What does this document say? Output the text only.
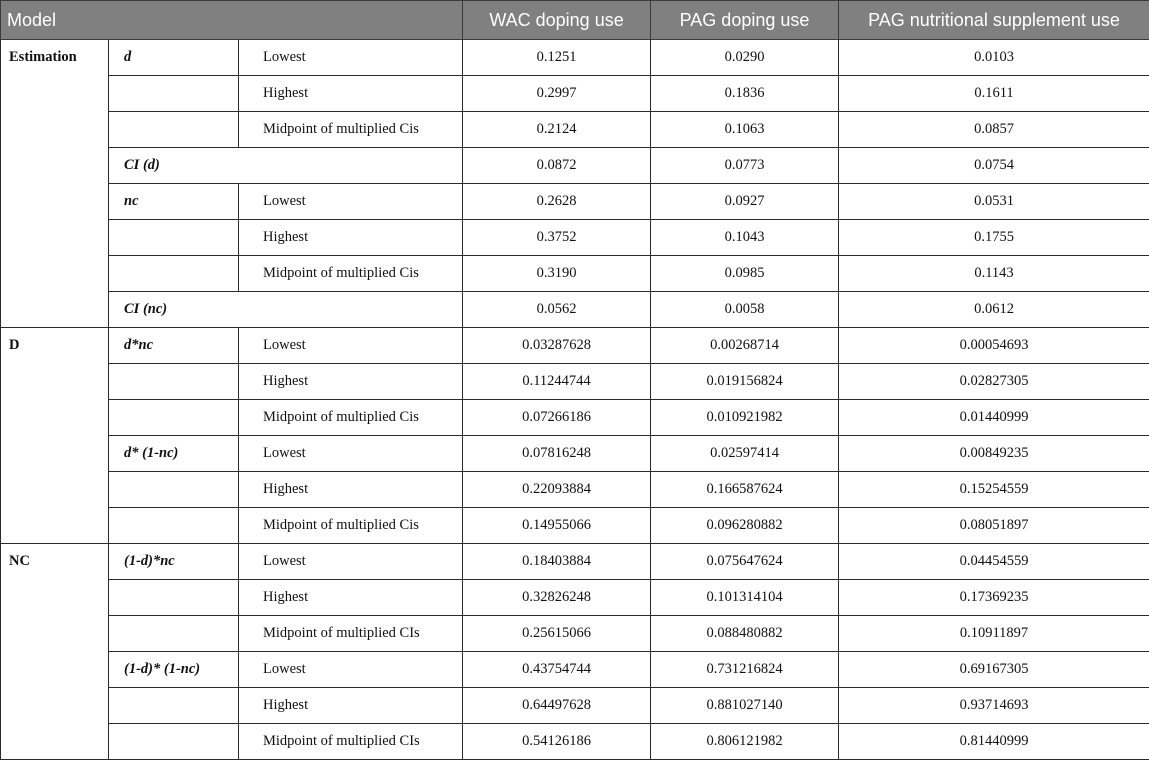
Model			WAC doping use	PAG doping use	PAG nutritional supplement use
Estimation	d	Lowest	0.1251	0.0290	0.0103
		Highest	0.2997	0.1836	0.1611
		Midpoint of multiplied Cis	0.2124	0.1063	0.0857
	CI (d)		0.0872	0.0773	0.0754
	nc	Lowest	0.2628	0.0927	0.0531
		Highest	0.3752	0.1043	0.1755
		Midpoint of multiplied Cis	0.3190	0.0985	0.1143
	CI (nc)		0.0562	0.0058	0.0612
D	d*nc	Lowest	0.03287628	0.00268714	0.00054693
		Highest	0.11244744	0.019156824	0.02827305
		Midpoint of multiplied Cis	0.07266186	0.010921982	0.01440999
	d* (1-nc)	Lowest	0.07816248	0.02597414	0.00849235
		Highest	0.22093884	0.166587624	0.15254559
		Midpoint of multiplied Cis	0.14955066	0.096280882	0.08051897
NC	(1-d)*nc	Lowest	0.18403884	0.075647624	0.04454559
		Highest	0.32826248	0.101314104	0.17369235
		Midpoint of multiplied CIs	0.25615066	0.088480882	0.10911897
	(1-d)* (1-nc)	Lowest	0.43754744	0.731216824	0.69167305
		Highest	0.64497628	0.881027140	0.93714693
		Midpoint of multiplied CIs	0.54126186	0.806121982	0.81440999
